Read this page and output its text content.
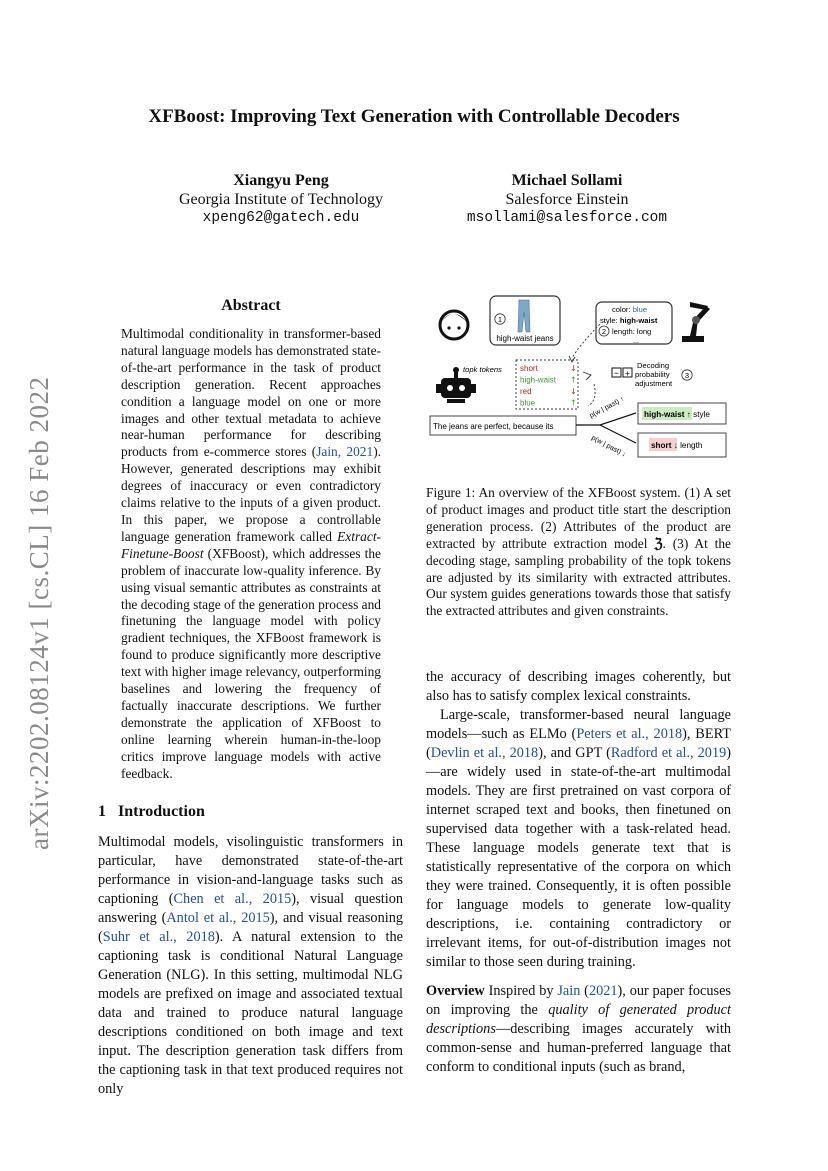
XFBoost: Improving Text Generation with Controllable Decoders
Xiangyu Peng
Georgia Institute of Technology
xpeng62@gatech.edu
Michael Sollami
Salesforce Einstein
msollami@salesforce.com
arXiv:2202.08124v1 [cs.CL] 16 Feb 2022
Abstract
Multimodal conditionality in transformer-based natural language models has demonstrated state-of-the-art performance in the task of product description generation. Recent approaches condition a language model on one or more images and other textual metadata to achieve near-human performance for describing products from e-commerce stores (Jain, 2021). However, generated descriptions may exhibit degrees of inaccuracy or even contradictory claims relative to the inputs of a given product. In this paper, we propose a controllable language generation framework called Extract-Finetune-Boost (XFBoost), which addresses the problem of inaccurate low-quality inference. By using visual semantic attributes as constraints at the decoding stage of the generation process and finetuning the language model with policy gradient techniques, the XFBoost framework is found to produce significantly more descriptive text with higher image relevancy, outperforming baselines and lowering the frequency of factually inaccurate descriptions. We further demonstrate the application of XFBoost to online learning wherein human-in-the-loop critics improve language models with active feedback.
1 Introduction
Multimodal models, visolinguistic transformers in particular, have demonstrated state-of-the-art performance in vision-and-language tasks such as captioning (Chen et al., 2015), visual question answering (Antol et al., 2015), and visual reasoning (Suhr et al., 2018). A natural extension to the captioning task is conditional Natural Language Generation (NLG). In this setting, multimodal NLG models are prefixed on image and associated textual data and trained to produce natural language descriptions conditioned on both image and text input. The description generation task differs from the captioning task in that text produced requires not only
1
high-waist jeans
color: blue
style: high-waist
2 length: long
...
topk tokens short	↓
high-waist ↑
red	↓
blue	↑
− +
Decoding
probability
adjustment
3
The jeans are perfect, because its
p(w | past) ↑
p(w | past) ↓
high-waist ↑ style
short ↓ length
Figure 1: An overview of the XFBoost system. (1) A set of product images and product title start the description generation process. (2) Attributes of the product are extracted by attribute extraction model ℨ. (3) At the decoding stage, sampling probability of the topk tokens are adjusted by its similarity with extracted attributes. Our system guides generations towards those that satisfy the extracted attributes and given constraints.
the accuracy of describing images coherently, but also has to satisfy complex lexical constraints.
Large-scale, transformer-based neural language models—such as ELMo (Peters et al., 2018), BERT (Devlin et al., 2018), and GPT (Radford et al., 2019)—are widely used in state-of-the-art multimodal models. They are first pretrained on vast corpora of internet scraped text and books, then finetuned on supervised data together with a task-related head. These language models generate text that is statistically representative of the corpora on which they were trained. Consequently, it is often possible for language models to generate low-quality descriptions, i.e. containing contradictory or irrelevant items, for out-of-distribution images not similar to those seen during training.
Overview Inspired by Jain (2021), our paper focuses on improving the quality of generated product descriptions—describing images accurately with common-sense and human-preferred language that conform to conditional inputs (such as brand,
